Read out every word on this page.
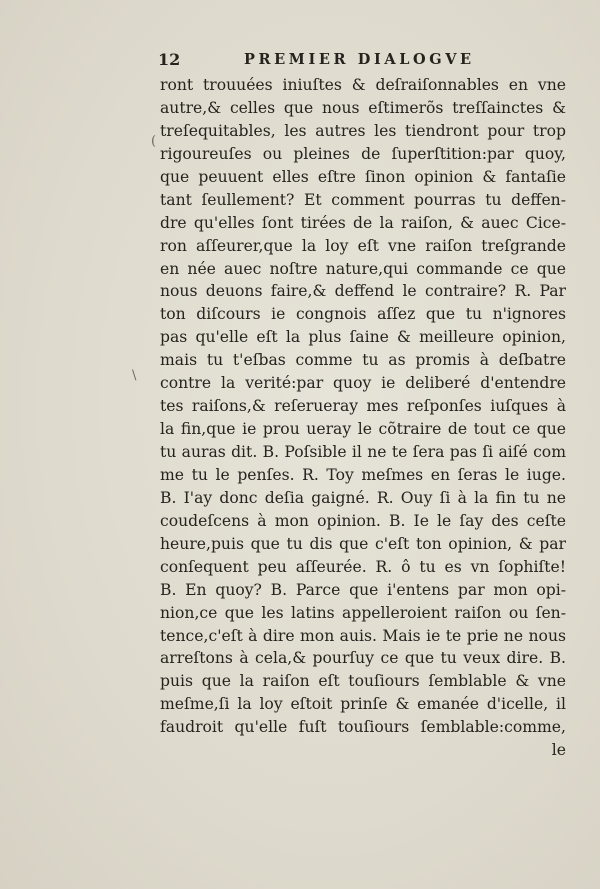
12	PREMIER DIALOGVE
ront trouuées iniuſtes & deſraiſonnables en vne
autre,& celles que nous eſtimerõs treſſainctes &
treſequitables, les autres les tiendront pour trop
rigoureuſes ou pleines de ſuperſtition:par quoy,
que peuuent elles eſtre ſinon opinion & fantaſie
tant ſeullement? Et comment pourras tu deffen-
dre qu'elles ſont tirées de la raiſon, & auec Cice-
ron aſſeurer,que la loy eſt vne raiſon treſgrande
en née auec noſtre nature,qui commande ce que
nous deuons faire,& deffend le contraire? R. Par
ton diſcours ie congnois aſſez que tu n'ignores
pas qu'elle eſt la plus ſaine & meilleure opinion,
mais tu t'eſbas comme tu as promis à deſbatre
contre la verité:par quoy ie deliberé d'entendre
tes raiſons,& reſerueray mes reſponſes iuſques à
la fin,que ie prou ueray le cõtraire de tout ce que
tu auras dit. B. Poſsible il ne te ſera pas ſi aiſé com
me tu le penſes. R. Toy meſmes en ſeras le iuge.
B. I'ay donc deſia gaigné. R. Ouy ſi à la fin tu ne
coudeſcens à mon opinion. B. Ie le ſay des ceſte
heure,puis que tu dis que c'eſt ton opinion, & par
conſequent peu aſſeurée. R. ô tu es vn ſophiſte!
B. En quoy? B. Parce que i'entens par mon opi-
nion,ce que les latins appelleroient raiſon ou ſen-
tence,c'eſt à dire mon auis. Mais ie te prie ne nous
arreſtons à cela,& pourſuy ce que tu veux dire. B.
puis que la raiſon eſt touſiours ſemblable & vne
meſme,ſi la loy eſtoit prinſe & emanée d'icelle, il
faudroit qu'elle fuſt touſiours ſemblable:comme,
le
(
\
